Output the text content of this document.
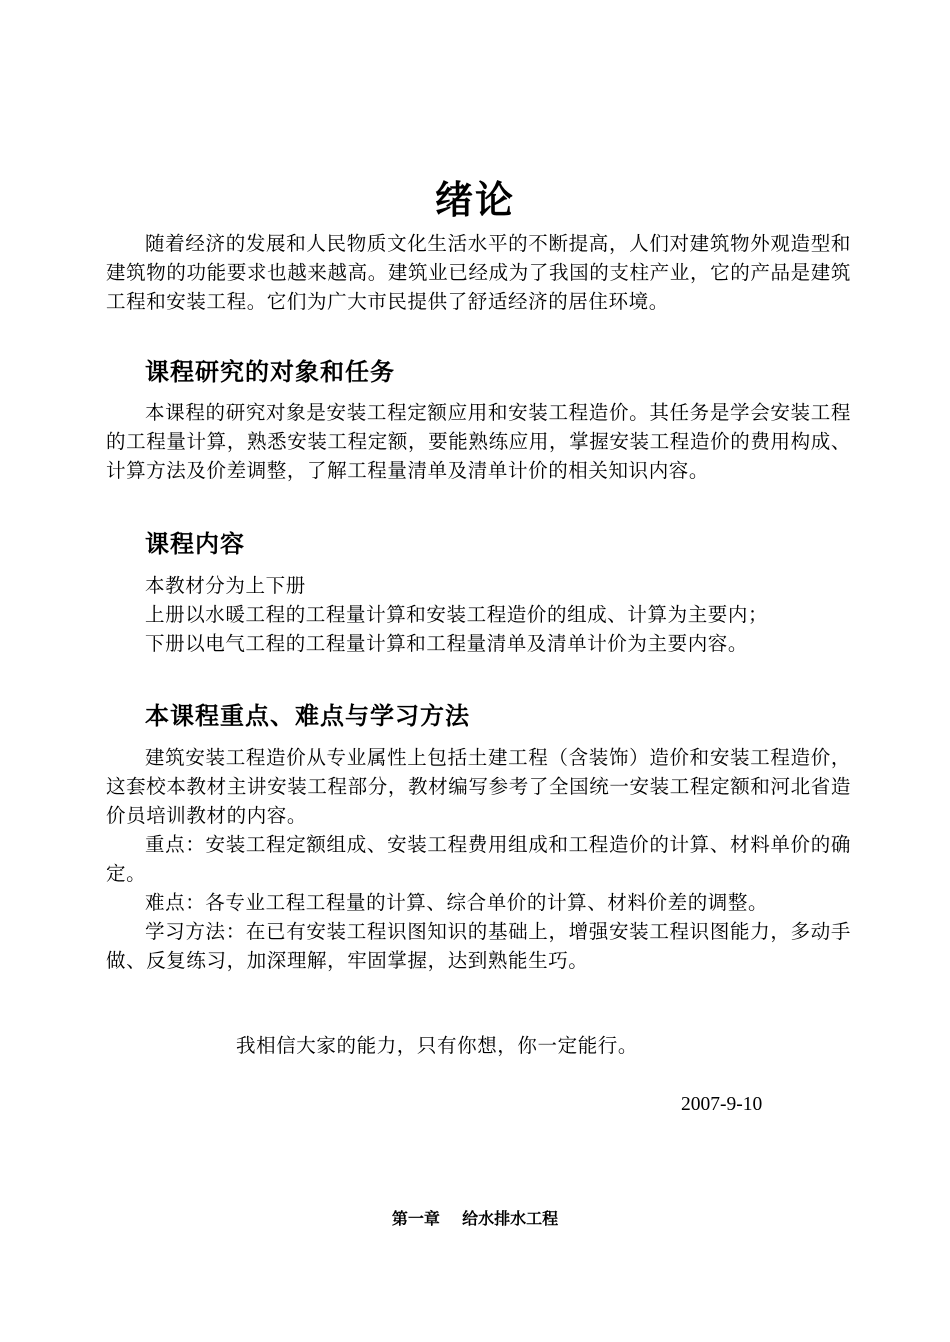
绪论
随着经济的发展和人民物质文化生活水平的不断提高，人们对建筑物外观造型和建筑物的功能要求也越来越高。建筑业已经成为了我国的支柱产业，它的产品是建筑工程和安装工程。它们为广大市民提供了舒适经济的居住环境。
课程研究的对象和任务
本课程的研究对象是安装工程定额应用和安装工程造价。其任务是学会安装工程的工程量计算，熟悉安装工程定额，要能熟练应用，掌握安装工程造价的费用构成、计算方法及价差调整，了解工程量清单及清单计价的相关知识内容。
课程内容
本教材分为上下册
上册以水暖工程的工程量计算和安装工程造价的组成、计算为主要内；
下册以电气工程的工程量计算和工程量清单及清单计价为主要内容。
本课程重点、难点与学习方法
建筑安装工程造价从专业属性上包括土建工程（含装饰）造价和安装工程造价，这套校本教材主讲安装工程部分，教材编写参考了全国统一安装工程定额和河北省造价员培训教材的内容。
重点：安装工程定额组成、安装工程费用组成和工程造价的计算、材料单价的确定。
难点：各专业工程工程量的计算、综合单价的计算、材料价差的调整。
学习方法：在已有安装工程识图知识的基础上，增强安装工程识图能力，多动手做、反复练习，加深理解，牢固掌握，达到熟能生巧。
我相信大家的能力，只有你想，你一定能行。
2007-9-10
第一章    给水排水工程
